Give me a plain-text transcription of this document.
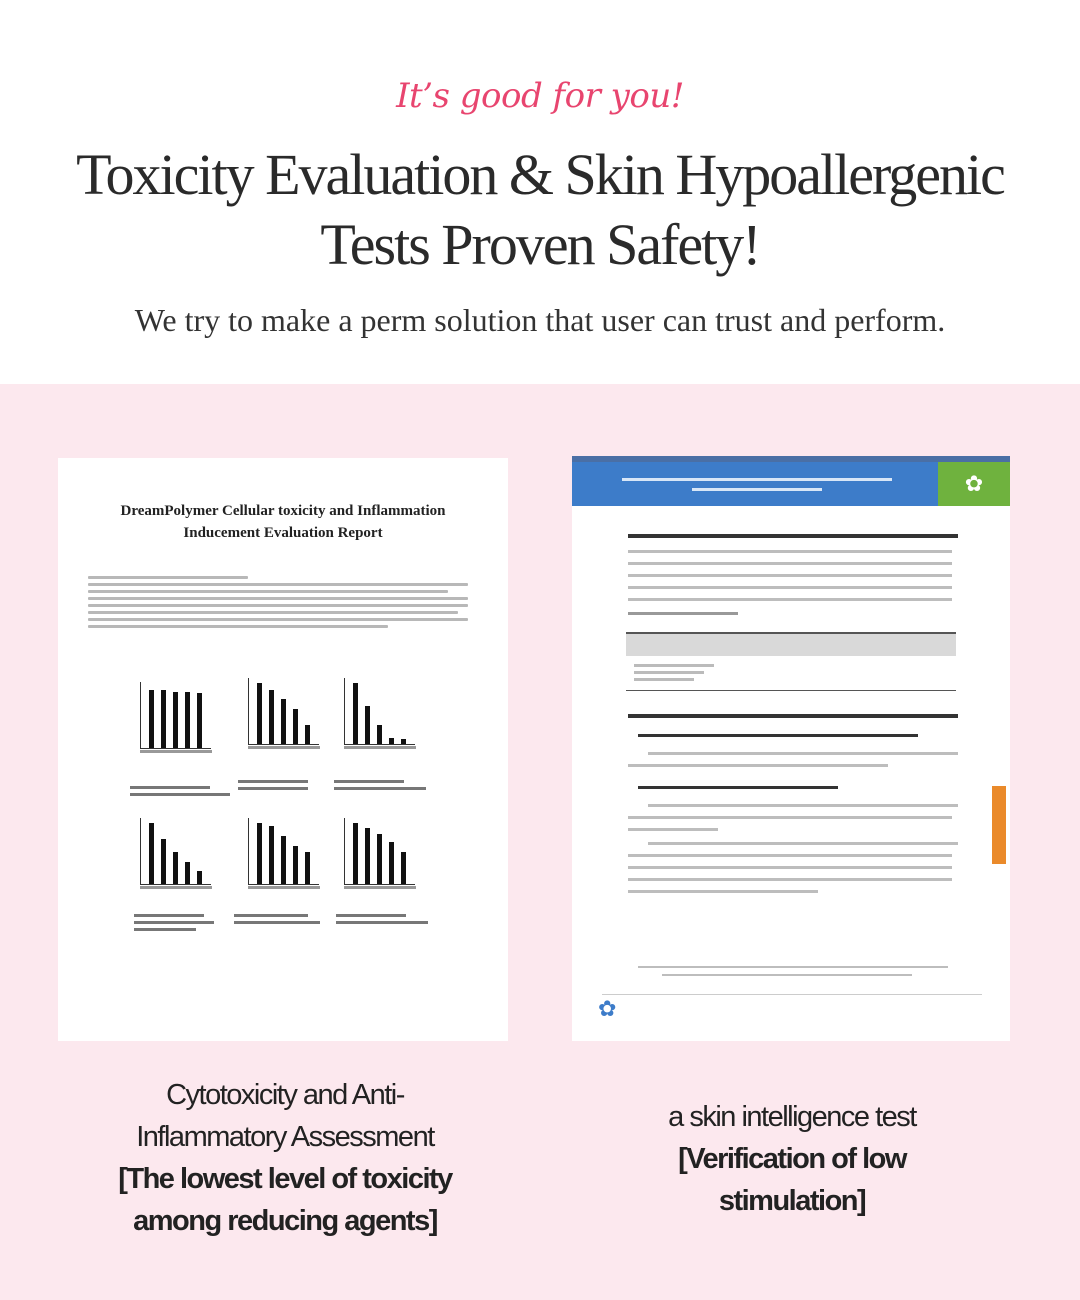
It’s good for you!
Toxicity Evaluation & Skin Hypoallergenic
Tests Proven Safety!
We try to make a perm solution that user can trust and perform.
DreamPolymer Cellular toxicity and Inflammation
Inducement Evaluation Report
✿
✿
Cytotoxicity and Anti-
Inflammatory Assessment
[The lowest level of toxicity
among reducing agents]
a skin intelligence test
[Verification of low
stimulation]
